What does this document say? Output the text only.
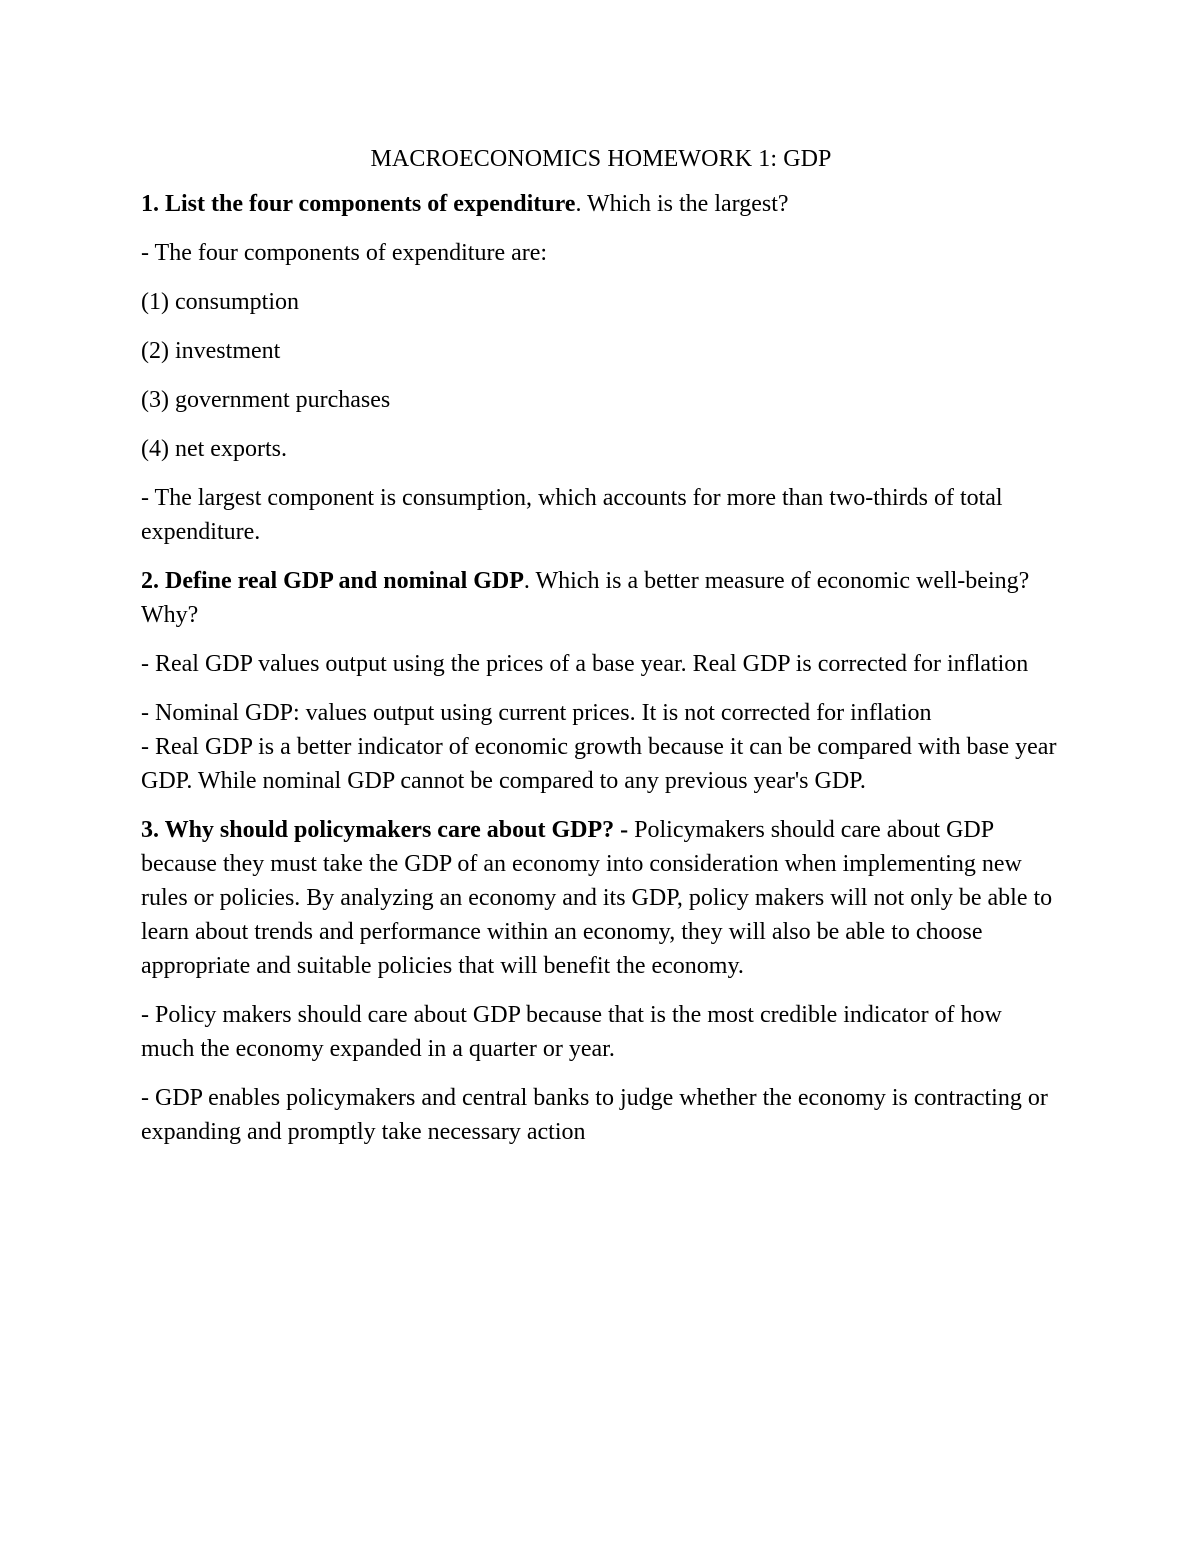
MACROECONOMICS HOMEWORK 1: GDP

1. List the four components of expenditure. Which is the largest?

- The four components of expenditure are:

(1) consumption

(2) investment

(3) government purchases

(4) net exports.

- The largest component is consumption, which accounts for more than two-thirds of total expenditure.

2. Define real GDP and nominal GDP. Which is a better measure of economic well-being? Why?

- Real GDP values output using the prices of a base year. Real GDP is corrected for inflation

- Nominal GDP: values output using current prices. It is not corrected for inflation

- Real GDP is a better indicator of economic growth because it can be compared with base year GDP. While nominal GDP cannot be compared to any previous year's GDP.

3. Why should policymakers care about GDP? - Policymakers should care about GDP because they must take the GDP of an economy into consideration when implementing new rules or policies. By analyzing an economy and its GDP, policy makers will not only be able to learn about trends and performance within an economy, they will also be able to choose appropriate and suitable policies that will benefit the economy.

- Policy makers should care about GDP because that is the most credible indicator of how much the economy expanded in a quarter or year.

- GDP enables policymakers and central banks to judge whether the economy is contracting or expanding and promptly take necessary action
